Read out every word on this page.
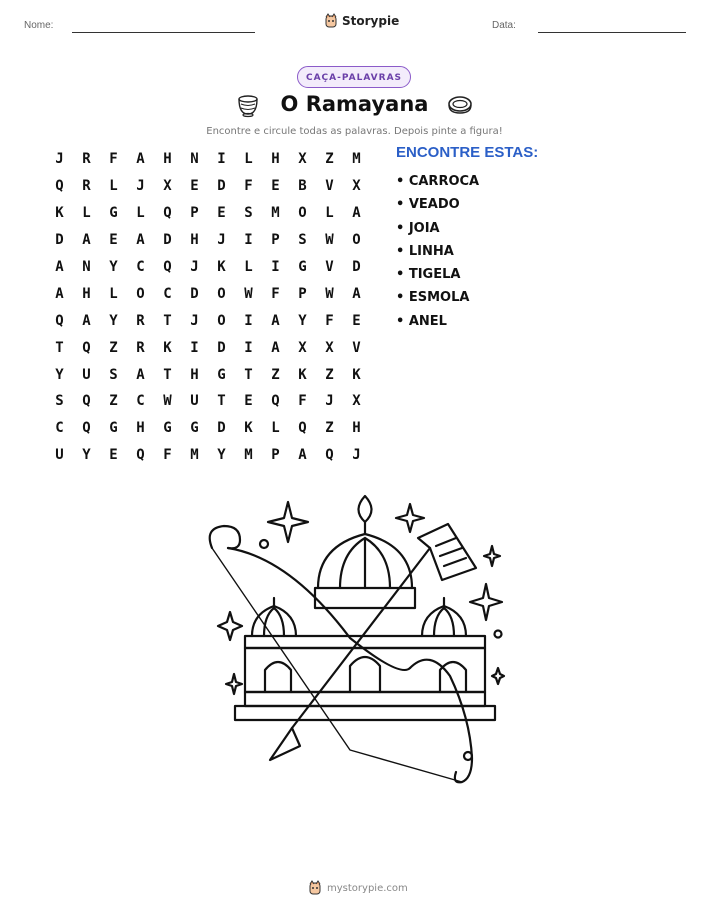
Nome:	Storypie	Data:
CAÇA-PALAVRAS
O Ramayana
Encontre e circule todas as palavras. Depois pinte a figura!
J	R	F	A	H	N	I	L	H	X	Z	M
Q	R	L	J	X	E	D	F	E	B	V	X
K	L	G	L	Q	P	E	S	M	O	L	A
D	A	E	A	D	H	J	I	P	S	W	O
A	N	Y	C	Q	J	K	L	I	G	V	D
A	H	L	O	C	D	O	W	F	P	W	A
Q	A	Y	R	T	J	O	I	A	Y	F	E
T	Q	Z	R	K	I	D	I	A	X	X	V
Y	U	S	A	T	H	G	T	Z	K	Z	K
S	Q	Z	C	W	U	T	E	Q	F	J	X
C	Q	G	H	G	G	D	K	L	Q	Z	H
U	Y	E	Q	F	M	Y	M	P	A	Q	J
ENCONTRE ESTAS:
• CARROCA
• VEADO
• JOIA
• LINHA
• TIGELA
• ESMOLA
• ANEL
mystorypie.com
